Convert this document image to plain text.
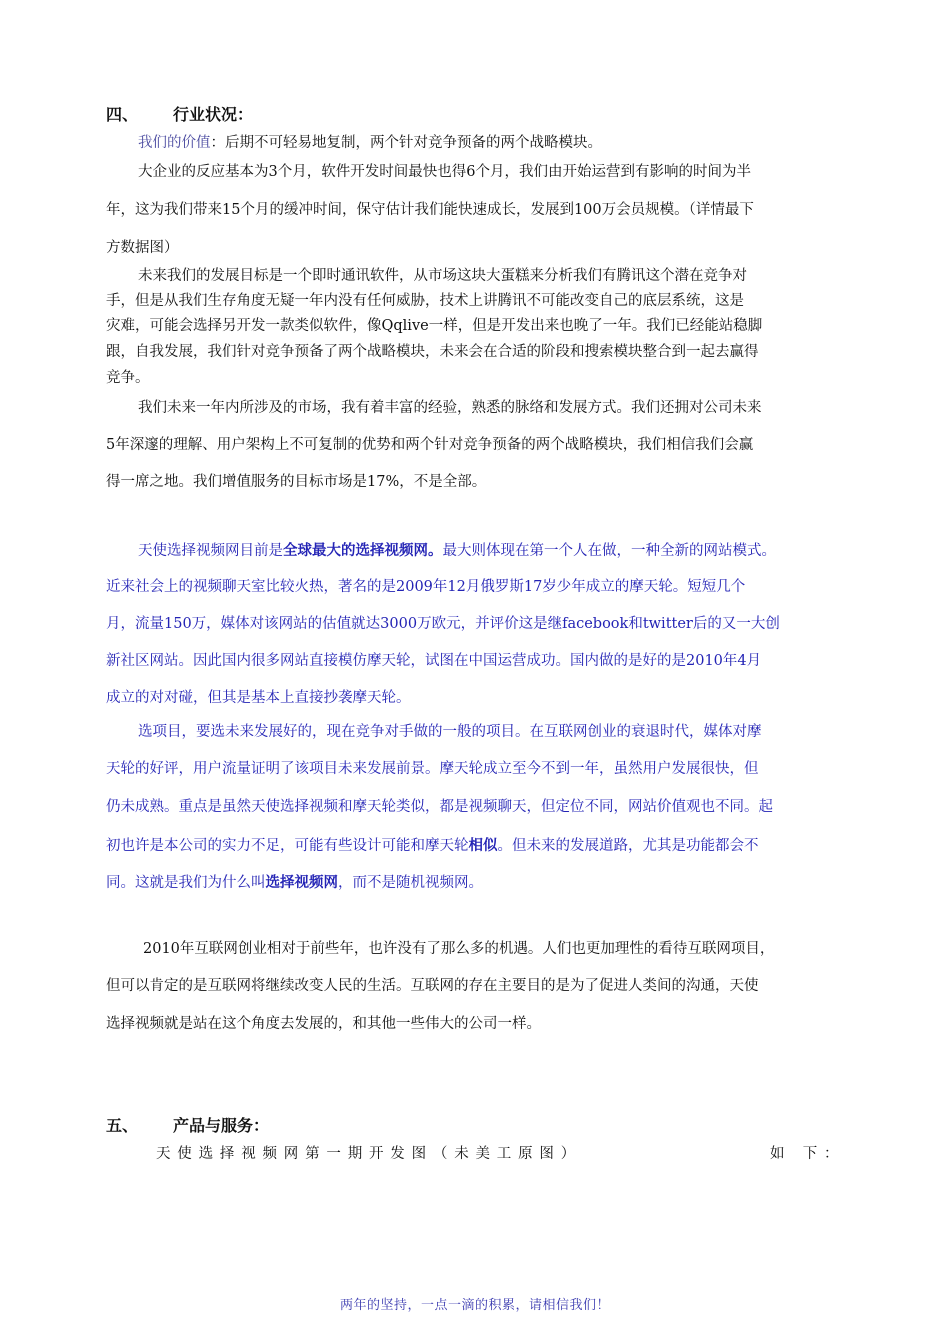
四、 行业状况：
我们的价值：后期不可轻易地复制，两个针对竞争预备的两个战略模块。
大企业的反应基本为3个月，软件开发时间最快也得6个月，我们由开始运营到有影响的时间为半
年，这为我们带来15个月的缓冲时间，保守估计我们能快速成长，发展到100万会员规模。（详情最下
方数据图）
未来我们的发展目标是一个即时通讯软件，从市场这块大蛋糕来分析我们有腾讯这个潜在竞争对
手，但是从我们生存角度无疑一年内没有任何威胁，技术上讲腾讯不可能改变自己的底层系统，这是
灾难，可能会选择另开发一款类似软件，像Qqlive一样，但是开发出来也晚了一年。我们已经能站稳脚
跟，自我发展，我们针对竞争预备了两个战略模块，未来会在合适的阶段和搜索模块整合到一起去赢得
竞争。
我们未来一年内所涉及的市场，我有着丰富的经验，熟悉的脉络和发展方式。我们还拥对公司未来
5年深邃的理解、用户架构上不可复制的优势和两个针对竞争预备的两个战略模块，我们相信我们会赢
得一席之地。我们增值服务的目标市场是17%，不是全部。
天使选择视频网目前是全球最大的选择视频网。最大则体现在第一个人在做，一种全新的网站模式。
近来社会上的视频聊天室比较火热，著名的是2009年12月俄罗斯17岁少年成立的摩天轮。短短几个
月，流量150万，媒体对该网站的估值就达3000万欧元，并评价这是继facebook和twitter后的又一大创
新社区网站。因此国内很多网站直接模仿摩天轮，试图在中国运营成功。国内做的是好的是2010年4月
成立的对对碰，但其是基本上直接抄袭摩天轮。
选项目，要选未来发展好的，现在竞争对手做的一般的项目。在互联网创业的衰退时代，媒体对摩
天轮的好评，用户流量证明了该项目未来发展前景。摩天轮成立至今不到一年，虽然用户发展很快，但
仍未成熟。重点是虽然天使选择视频和摩天轮类似，都是视频聊天，但定位不同，网站价值观也不同。起
初也许是本公司的实力不足，可能有些设计可能和摩天轮相似。但未来的发展道路，尤其是功能都会不
同。这就是我们为什么叫选择视频网，而不是随机视频网。
2010年互联网创业相对于前些年，也许没有了那么多的机遇。人们也更加理性的看待互联网项目，
但可以肯定的是互联网将继续改变人民的生活。互联网的存在主要目的是为了促进人类间的沟通，天使
选择视频就是站在这个角度去发展的，和其他一些伟大的公司一样。
五、 产品与服务：
天使选择视频网第一期开发图（未美工原图）	如 下：
两年的坚持，一点一滴的积累，请相信我们！
